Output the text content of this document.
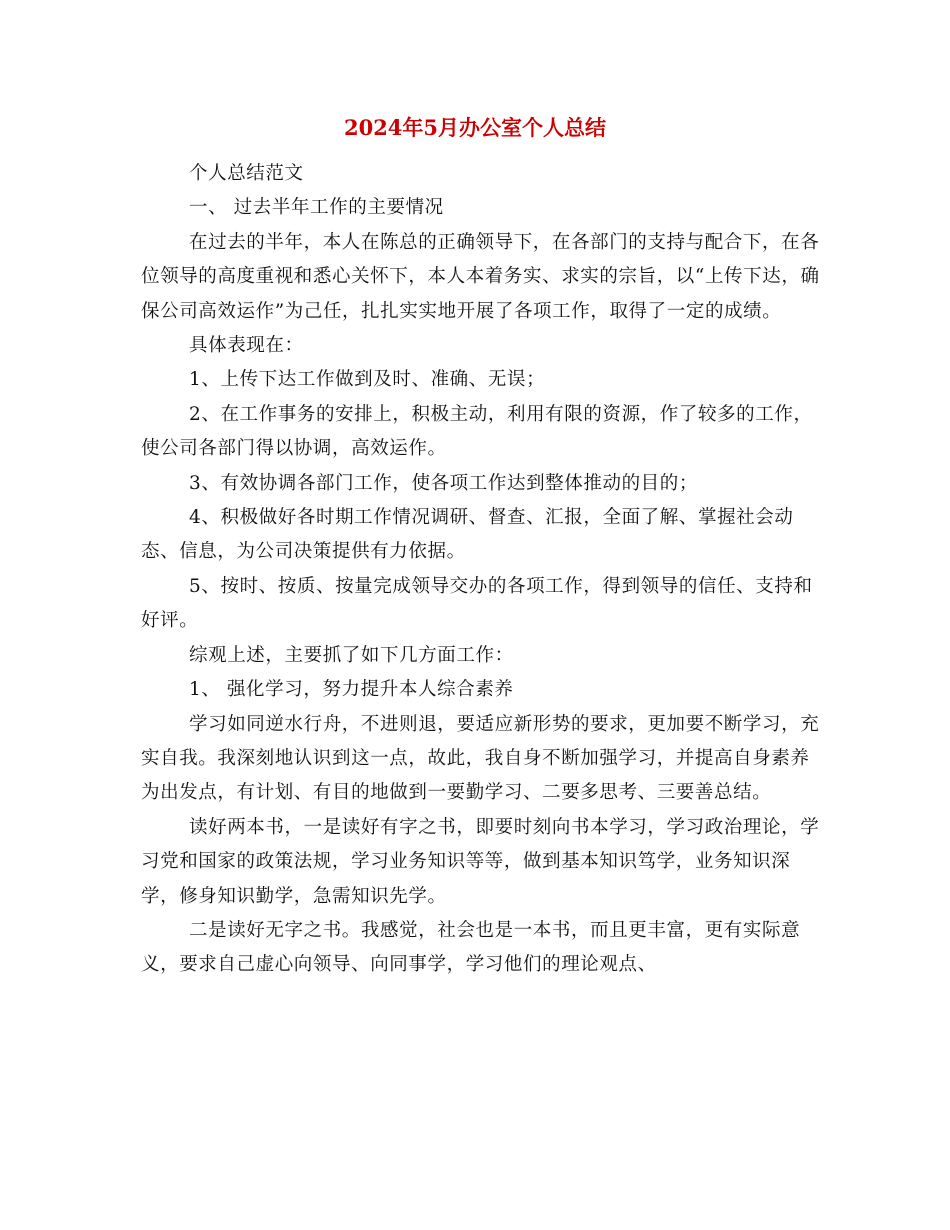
2024年5月办公室个人总结

个人总结范文

一、 过去半年工作的主要情况

在过去的半年，本人在陈总的正确领导下，在各部门的支持与配合下，在各位领导的高度重视和悉心关怀下，本人本着务实、求实的宗旨，以“上传下达，确保公司高效运作”为己任，扎扎实实地开展了各项工作，取得了一定的成绩。

具体表现在：

1、上传下达工作做到及时、准确、无误；

2、在工作事务的安排上，积极主动，利用有限的资源，作了较多的工作，使公司各部门得以协调，高效运作。

3、有效协调各部门工作，使各项工作达到整体推动的目的；

4、积极做好各时期工作情况调研、督查、汇报，全面了解、掌握社会动态、信息，为公司决策提供有力依据。

5、按时、按质、按量完成领导交办的各项工作，得到领导的信任、支持和好评。

综观上述，主要抓了如下几方面工作：

1、 强化学习，努力提升本人综合素养

学习如同逆水行舟，不进则退，要适应新形势的要求，更加要不断学习，充实自我。我深刻地认识到这一点，故此，我自身不断加强学习，并提高自身素养为出发点，有计划、有目的地做到一要勤学习、二要多思考、三要善总结。

读好两本书，一是读好有字之书，即要时刻向书本学习，学习政治理论，学习党和国家的政策法规，学习业务知识等等，做到基本知识笃学，业务知识深学，修身知识勤学，急需知识先学。

二是读好无字之书。我感觉，社会也是一本书，而且更丰富，更有实际意义，要求自己虚心向领导、向同事学，学习他们的理论观点、
